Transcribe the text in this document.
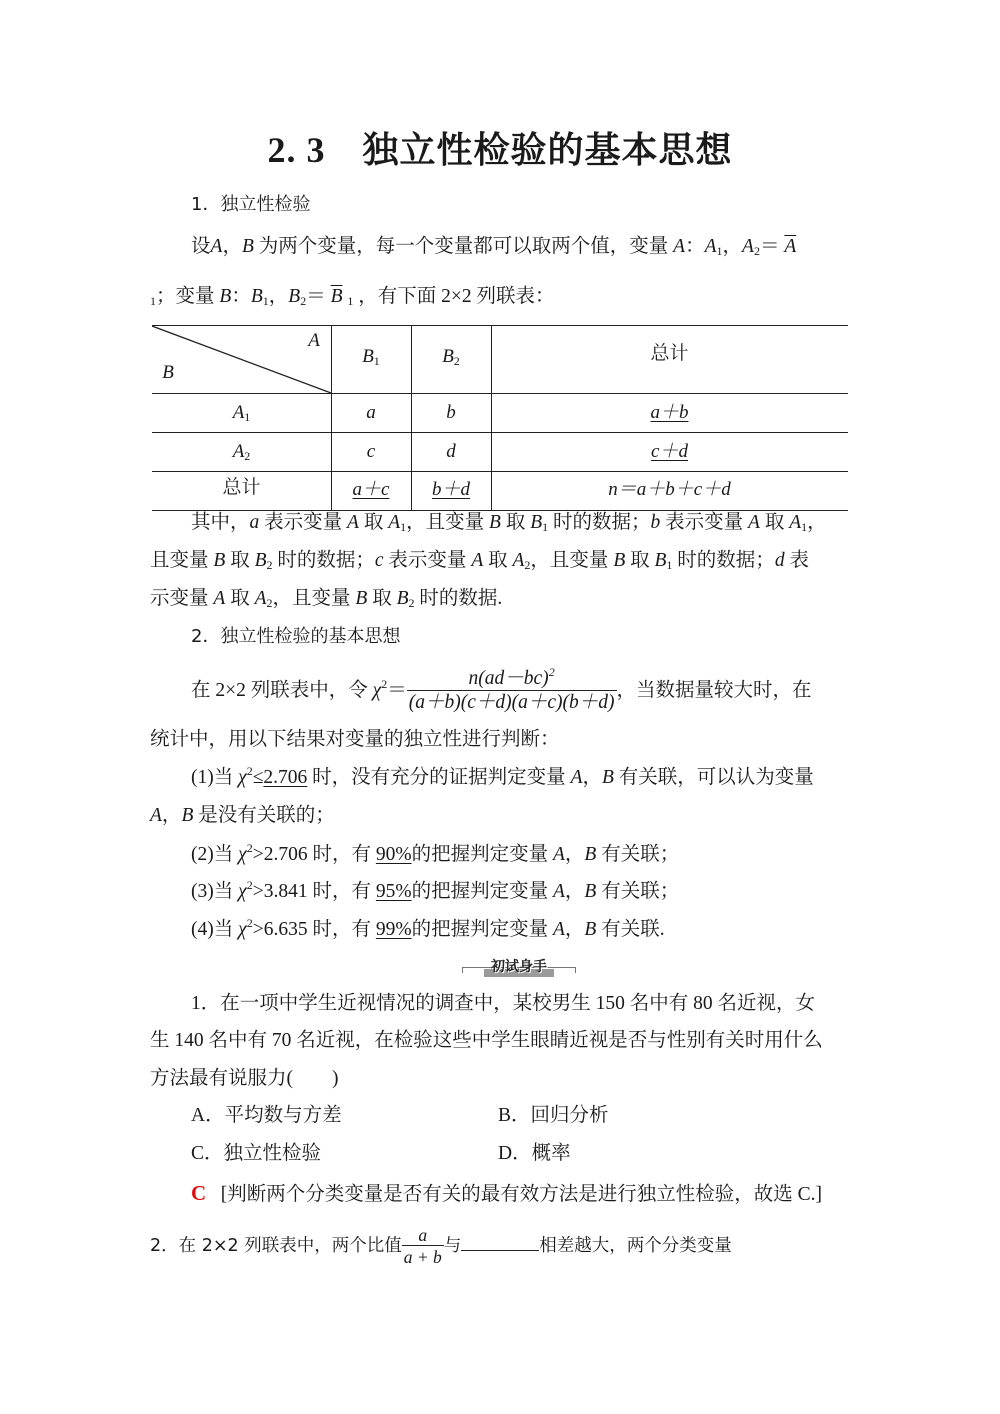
2. 3　独立性检验的基本思想
1．独立性检验
设A，B 为两个变量，每一个变量都可以取两个值，变量 A：$A_1$，$A_2= \overline{A}$
$_1$；变量 B：$B_1$，$B_2= \overline{B}$ $_1$ ，有下面 2×2 列联表：
A
B
$B_1$	$B_2$	总计
$A_1$	a	b	a＋b
$A_2$	c	d	c＋d
总计	a＋c	b＋d	n＝a＋b＋c＋d
其中，a 表示变量 A 取 $A_1$，且变量 B 取 $B_1$ 时的数据；b 表示变量 A 取 $A_1$，
且变量 B 取 $B_2$ 时的数据；c 表示变量 A 取 $A_2$，且变量 B 取 $B_1$ 时的数据；d 表
示变量 A 取 $A_2$，且变量 B 取 $B_2$ 时的数据.
2．独立性检验的基本思想
在 2×2 列联表中，令 $\chi^2= \frac{n(ad-bc)^2}{(a+b)(c+d)(a+c)(b+d)}$ ，当数据量较大时，在
统计中，用以下结果对变量的独立性进行判断：
(1)当 $\chi^2\le 2.706$ 时，没有充分的证据判定变量 A，B 有关联，可以认为变量
A，B 是没有关联的；
(2)当 $\chi^2>2.706$ 时，有 90%的把握判定变量 A，B 有关联；
(3)当 $\chi^2>3.841$ 时，有 95%的把握判定变量 A，B 有关联；
(4)当 $\chi^2>6.635$ 时，有 99%的把握判定变量 A，B 有关联.
初试身手
1．在一项中学生近视情况的调查中，某校男生 150 名中有 80 名近视，女
生 140 名中有 70 名近视，在检验这些中学生眼睛近视是否与性别有关时用什么
方法最有说服力(　　)
A．平均数与方差	B．回归分析
C．独立性检验	D．概率
C [判断两个分类变量是否有关的最有效方法是进行独立性检验，故选 C.]
2．在 2×2 列联表中，两个比值 $\frac{a}{a + b}$ 与	相差越大，两个分类变量
